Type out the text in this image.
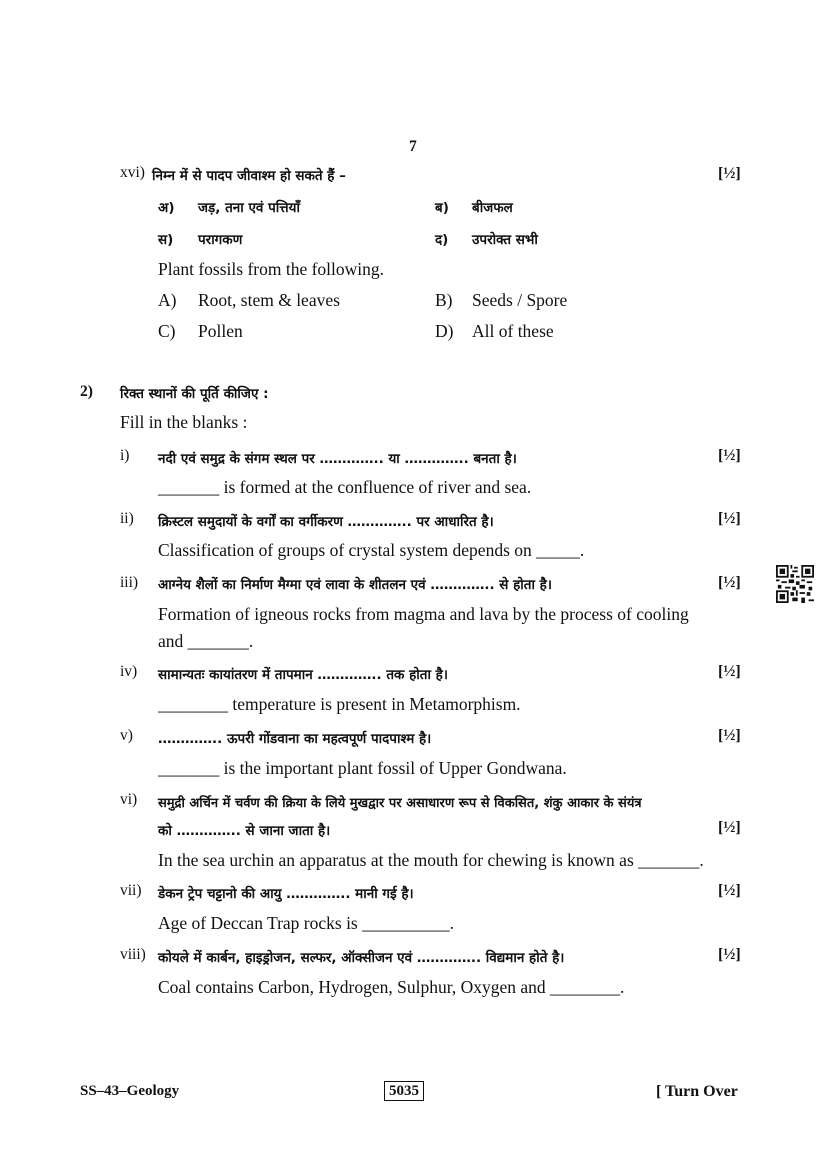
7
xvi) निम्न में से पादप जीवाश्म हो सकते हैं –	[½]
अ) जड़, तना एवं पत्तियाँ	ब) बीजफल
स) परागकण	द) उपरोक्त सभी
Plant fossils from the following.
A) Root, stem & leaves	B) Seeds / Spore
C) Pollen	D) All of these
2) रिक्त स्थानों की पूर्ति कीजिए :
Fill in the blanks :
i) नदी एवं समुद्र के संगम स्थल पर ………….. या ………….. बनता है।	[½]
_______ is formed at the confluence of river and sea.
ii) क्रिस्टल समुदायों के वर्गों का वर्गीकरण ………….. पर आधारित है।	[½]
Classification of groups of crystal system depends on _____.
iii) आग्नेय शैलों का निर्माण मैग्मा एवं लावा के शीतलन एवं ………….. से होता है।	[½]
Formation of igneous rocks from magma and lava by the process of cooling
and _______.
iv) सामान्यतः कायांतरण में तापमान ………….. तक होता है।	[½]
________ temperature is present in Metamorphism.
v) ………….. ऊपरी गोंडवाना का महत्वपूर्ण पादपाश्म है।	[½]
_______ is the important plant fossil of Upper Gondwana.
vi) समुद्री अर्चिन में चर्वण की क्रिया के लिये मुखद्वार पर असाधारण रूप से विकसित, शंकु आकार के संयंत्र
को ………….. से जाना जाता है।	[½]
In the sea urchin an apparatus at the mouth for chewing is known as _______.
vii) डेकन ट्रेप चट्टानो की आयु ………….. मानी गई है।	[½]
Age of Deccan Trap rocks is __________.
viii) कोयले में कार्बन, हाइड्रोजन, सल्फर, ऑक्सीजन एवं ………….. विद्यमान होते है।	[½]
Coal contains Carbon, Hydrogen, Sulphur, Oxygen and ________.
SS–43–Geology	5035	[ Turn Over
